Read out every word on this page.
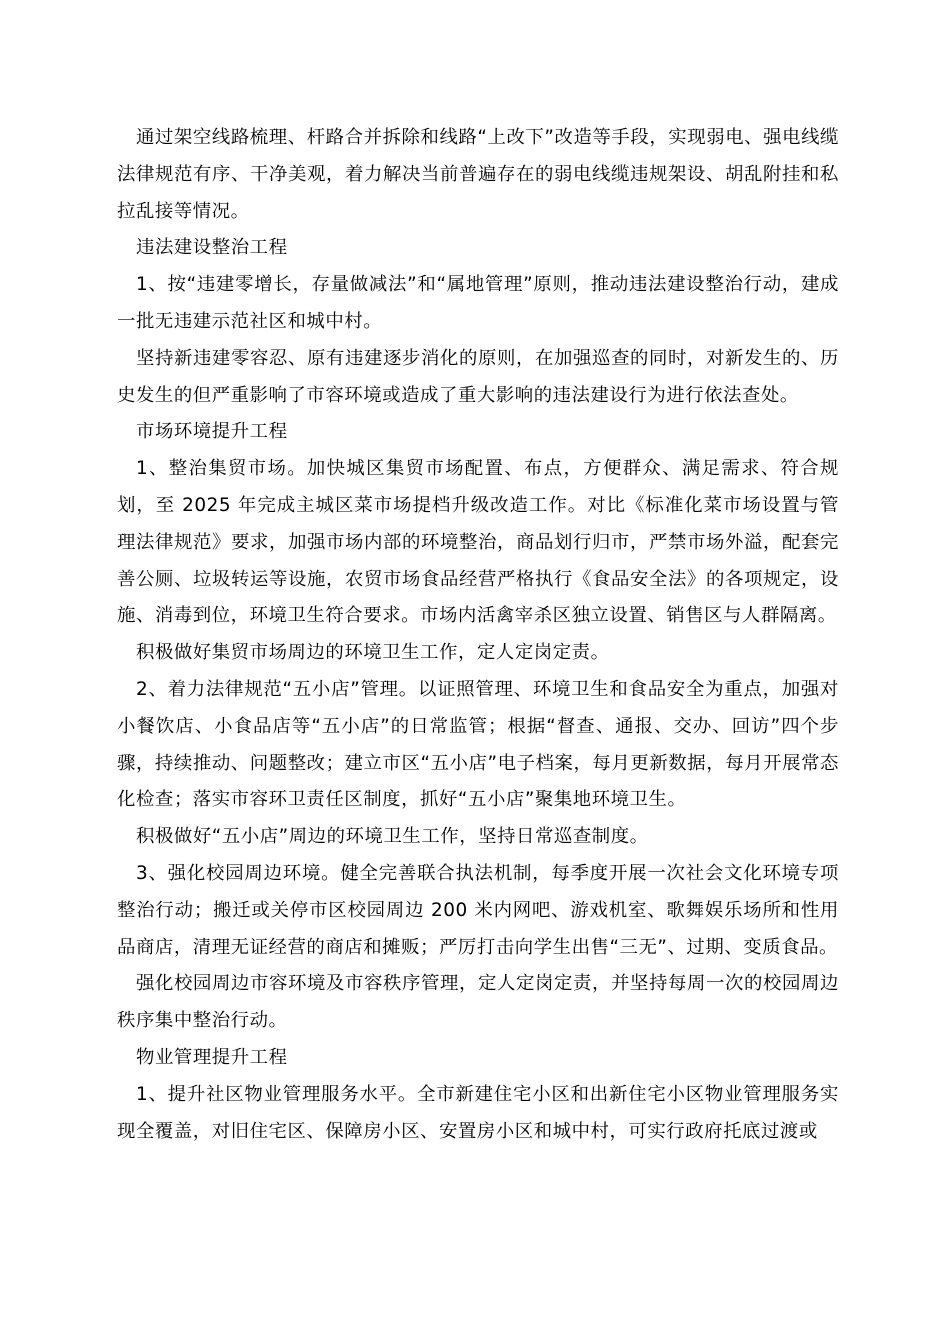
通过架空线路梳理、杆路合并拆除和线路“上改下”改造等手段，实现弱电、强电线缆法律规范有序、干净美观，着力解决当前普遍存在的弱电线缆违规架设、胡乱附挂和私拉乱接等情况。

违法建设整治工程

1、按“违建零增长，存量做减法”和“属地管理”原则，推动违法建设整治行动，建成一批无违建示范社区和城中村。

坚持新违建零容忍、原有违建逐步消化的原则，在加强巡查的同时，对新发生的、历史发生的但严重影响了市容环境或造成了重大影响的违法建设行为进行依法查处。

市场环境提升工程

1、整治集贸市场。加快城区集贸市场配置、布点，方便群众、满足需求、符合规划，至 2025 年完成主城区菜市场提档升级改造工作。对比《标准化菜市场设置与管理法律规范》要求，加强市场内部的环境整治，商品划行归市，严禁市场外溢，配套完善公厕、垃圾转运等设施，农贸市场食品经营严格执行《食品安全法》的各项规定，设施、消毒到位，环境卫生符合要求。市场内活禽宰杀区独立设置、销售区与人群隔离。

积极做好集贸市场周边的环境卫生工作，定人定岗定责。

2、着力法律规范“五小店”管理。以证照管理、环境卫生和食品安全为重点，加强对小餐饮店、小食品店等“五小店”的日常监管；根据“督查、通报、交办、回访”四个步骤，持续推动、问题整改；建立市区“五小店”电子档案，每月更新数据，每月开展常态化检查；落实市容环卫责任区制度，抓好“五小店”聚集地环境卫生。

积极做好“五小店”周边的环境卫生工作，坚持日常巡查制度。

3、强化校园周边环境。健全完善联合执法机制，每季度开展一次社会文化环境专项整治行动；搬迁或关停市区校园周边 200 米内网吧、游戏机室、歌舞娱乐场所和性用品商店，清理无证经营的商店和摊贩；严厉打击向学生出售“三无”、过期、变质食品。

强化校园周边市容环境及市容秩序管理，定人定岗定责，并坚持每周一次的校园周边秩序集中整治行动。

物业管理提升工程

1、提升社区物业管理服务水平。全市新建住宅小区和出新住宅小区物业管理服务实现全覆盖，对旧住宅区、保障房小区、安置房小区和城中村，可实行政府托底过渡或
